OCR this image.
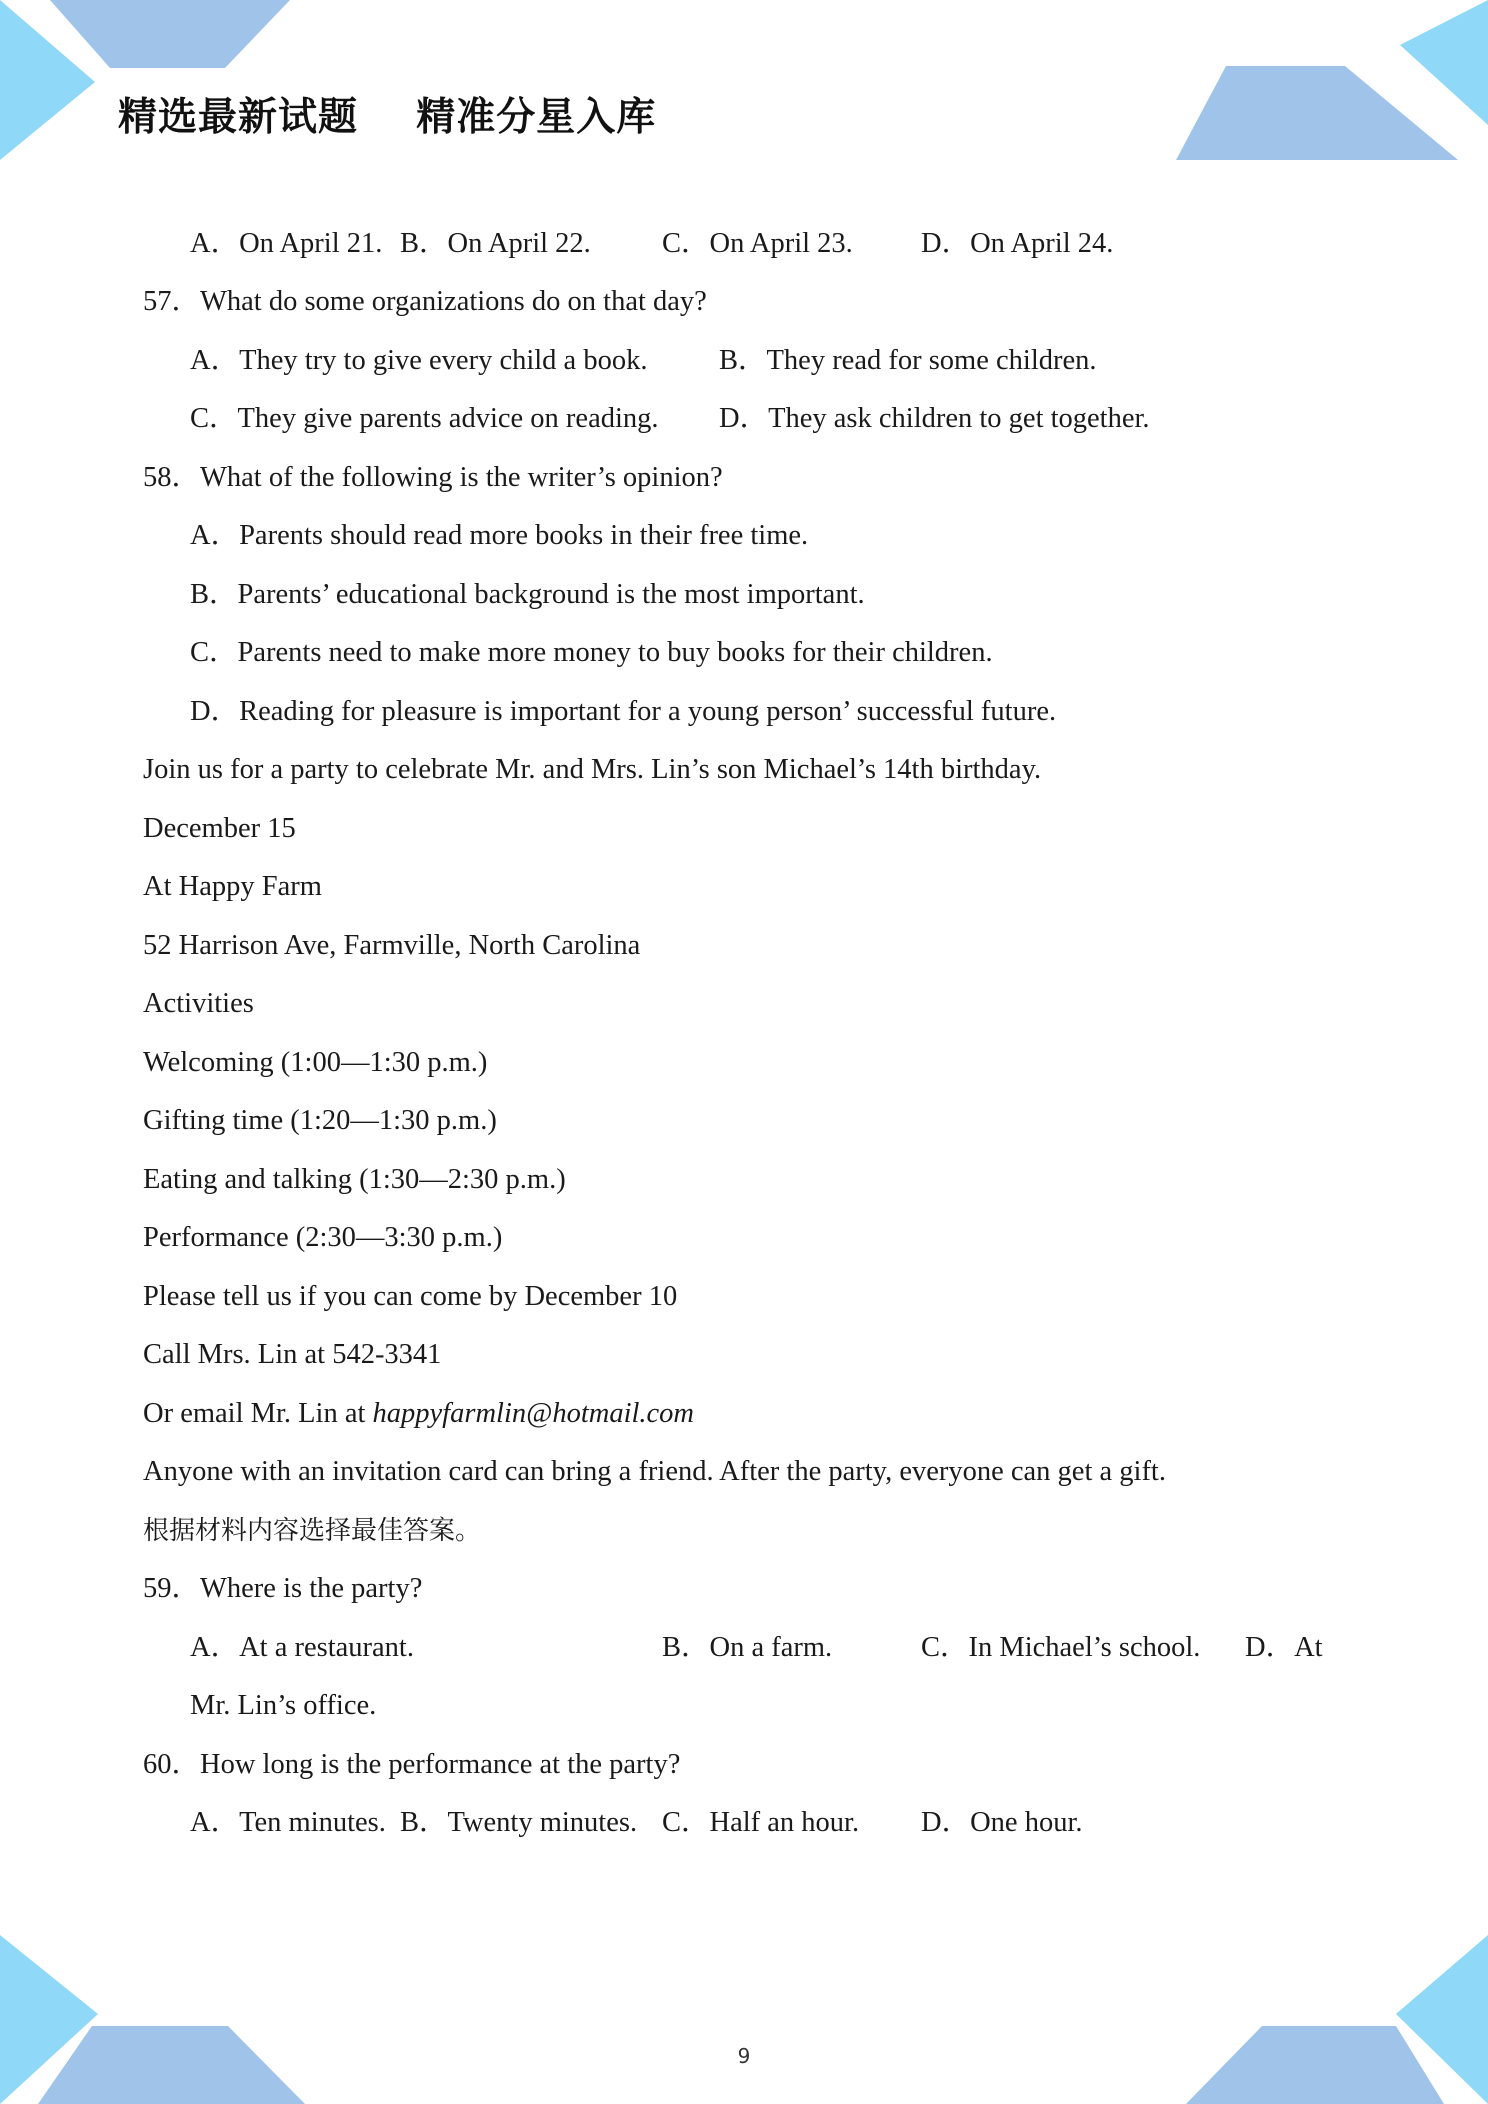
精选最新试题    精准分星入库
A．On April 21. B．On April 22. C．On April 23. D．On April 24.
57．What do some organizations do on that day?
A．They try to give every child a book.	B．They read for some children.
C．They give parents advice on reading. D．They ask children to get together.
58．What of the following is the writer’s opinion?
A．Parents should read more books in their free time.
B．Parents’ educational background is the most important.
C．Parents need to make more money to buy books for their children.
D．Reading for pleasure is important for a young person’ successful future.
Join us for a party to celebrate Mr. and Mrs. Lin’s son Michael’s 14th birthday.
December 15
At Happy Farm
52 Harrison Ave, Farmville, North Carolina
Activities
Welcoming (1:00—1:30 p.m.)
Gifting time (1:20—1:30 p.m.)
Eating and talking (1:30—2:30 p.m.)
Performance (2:30—3:30 p.m.)
Please tell us if you can come by December 10
Call Mrs. Lin at 542-3341
Or email Mr. Lin at happyfarmlin@hotmail.com
Anyone with an invitation card can bring a friend. After the party, everyone can get a gift.
根据材料内容选择最佳答案。
59．Where is the party?
A．At a restaurant.	B．On a farm.	C．In Michael’s school. D．At
Mr. Lin’s office.
60．How long is the performance at the party?
A．Ten minutes. B．Twenty minutes. C．Half an hour. D．One hour.
9
